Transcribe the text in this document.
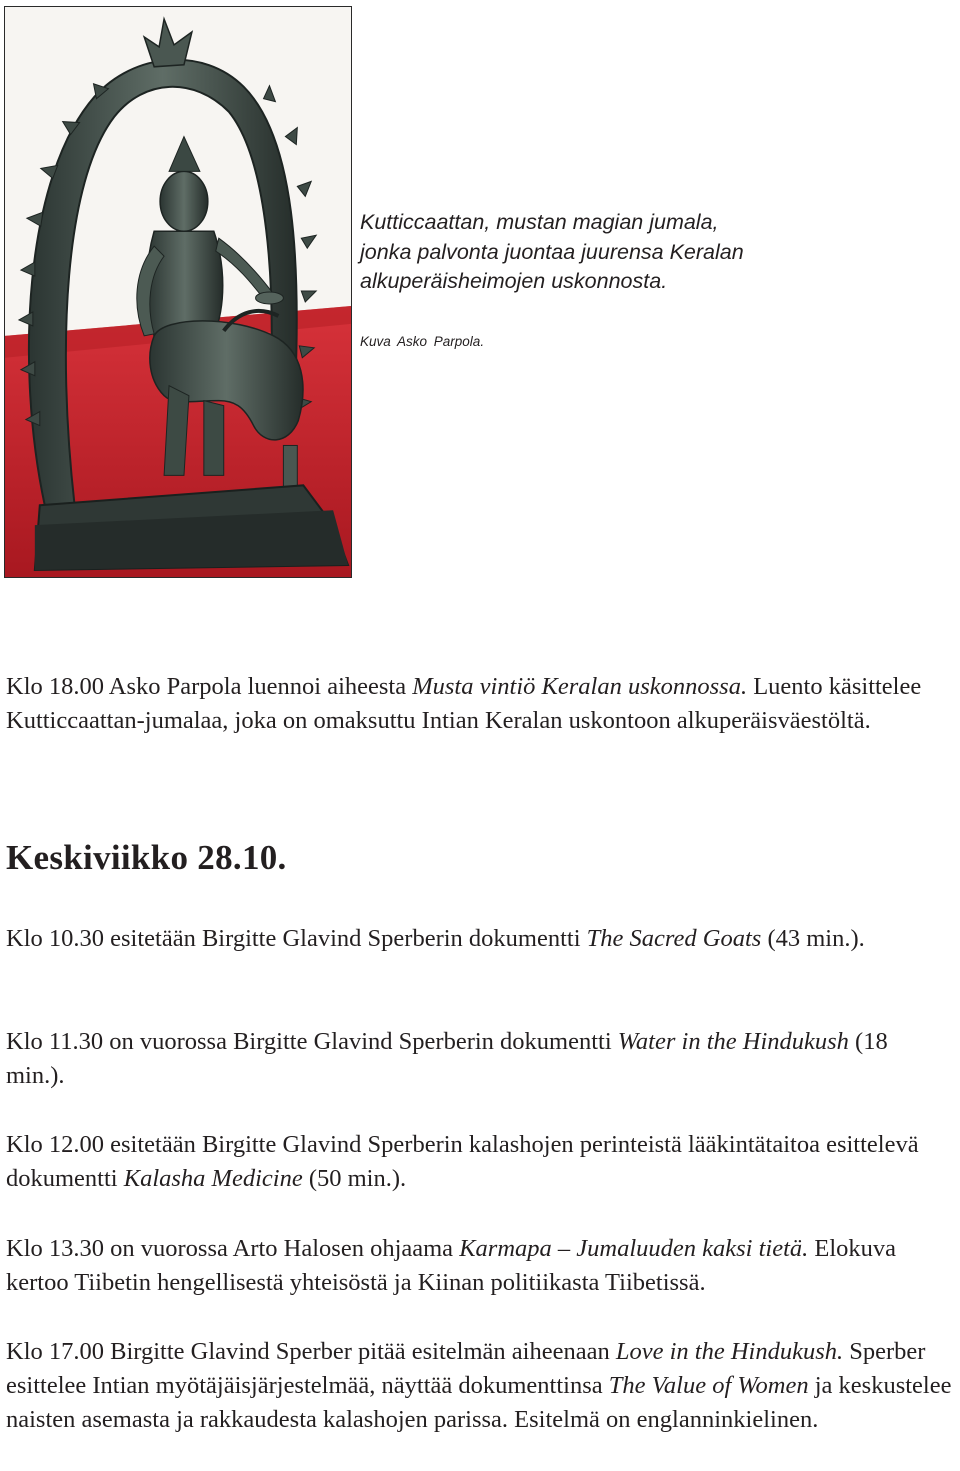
Kutticcaattan, mustan magian jumala,

jonka palvonta juontaa juurensa Keralan

alkuperäisheimojen uskonnosta.

Kuva Asko Parpola.

Klo 18.00 Asko Parpola luennoi aiheesta Musta vintiö Keralan uskonnossa. Luento käsittelee Kutticcaattan-jumalaa, joka on omaksuttu Intian Keralan uskontoon alkuperäisväestöltä.

Keskiviikko 28.10.

Klo 10.30 esitetään Birgitte Glavind Sperberin dokumentti The Sacred Goats (43 min.).

Klo 11.30 on vuorossa Birgitte Glavind Sperberin dokumentti Water in the Hindukush (18 min.).

Klo 12.00 esitetään Birgitte Glavind Sperberin kalashojen perinteistä lääkintätaitoa esittelevä dokumentti Kalasha Medicine (50 min.).

Klo 13.30 on vuorossa Arto Halosen ohjaama Karmapa – Jumaluuden kaksi tietä. Elokuva kertoo Tiibetin hengellisestä yhteisöstä ja Kiinan politiikasta Tiibetissä.

Klo 17.00 Birgitte Glavind Sperber pitää esitelmän aiheenaan Love in the Hindukush. Sperber esittelee Intian myötäjäisjärjestelmää, näyttää dokumenttinsa The Value of Women ja keskustelee naisten asemasta ja rakkaudesta kalashojen parissa. Esitelmä on englanninkielinen.
